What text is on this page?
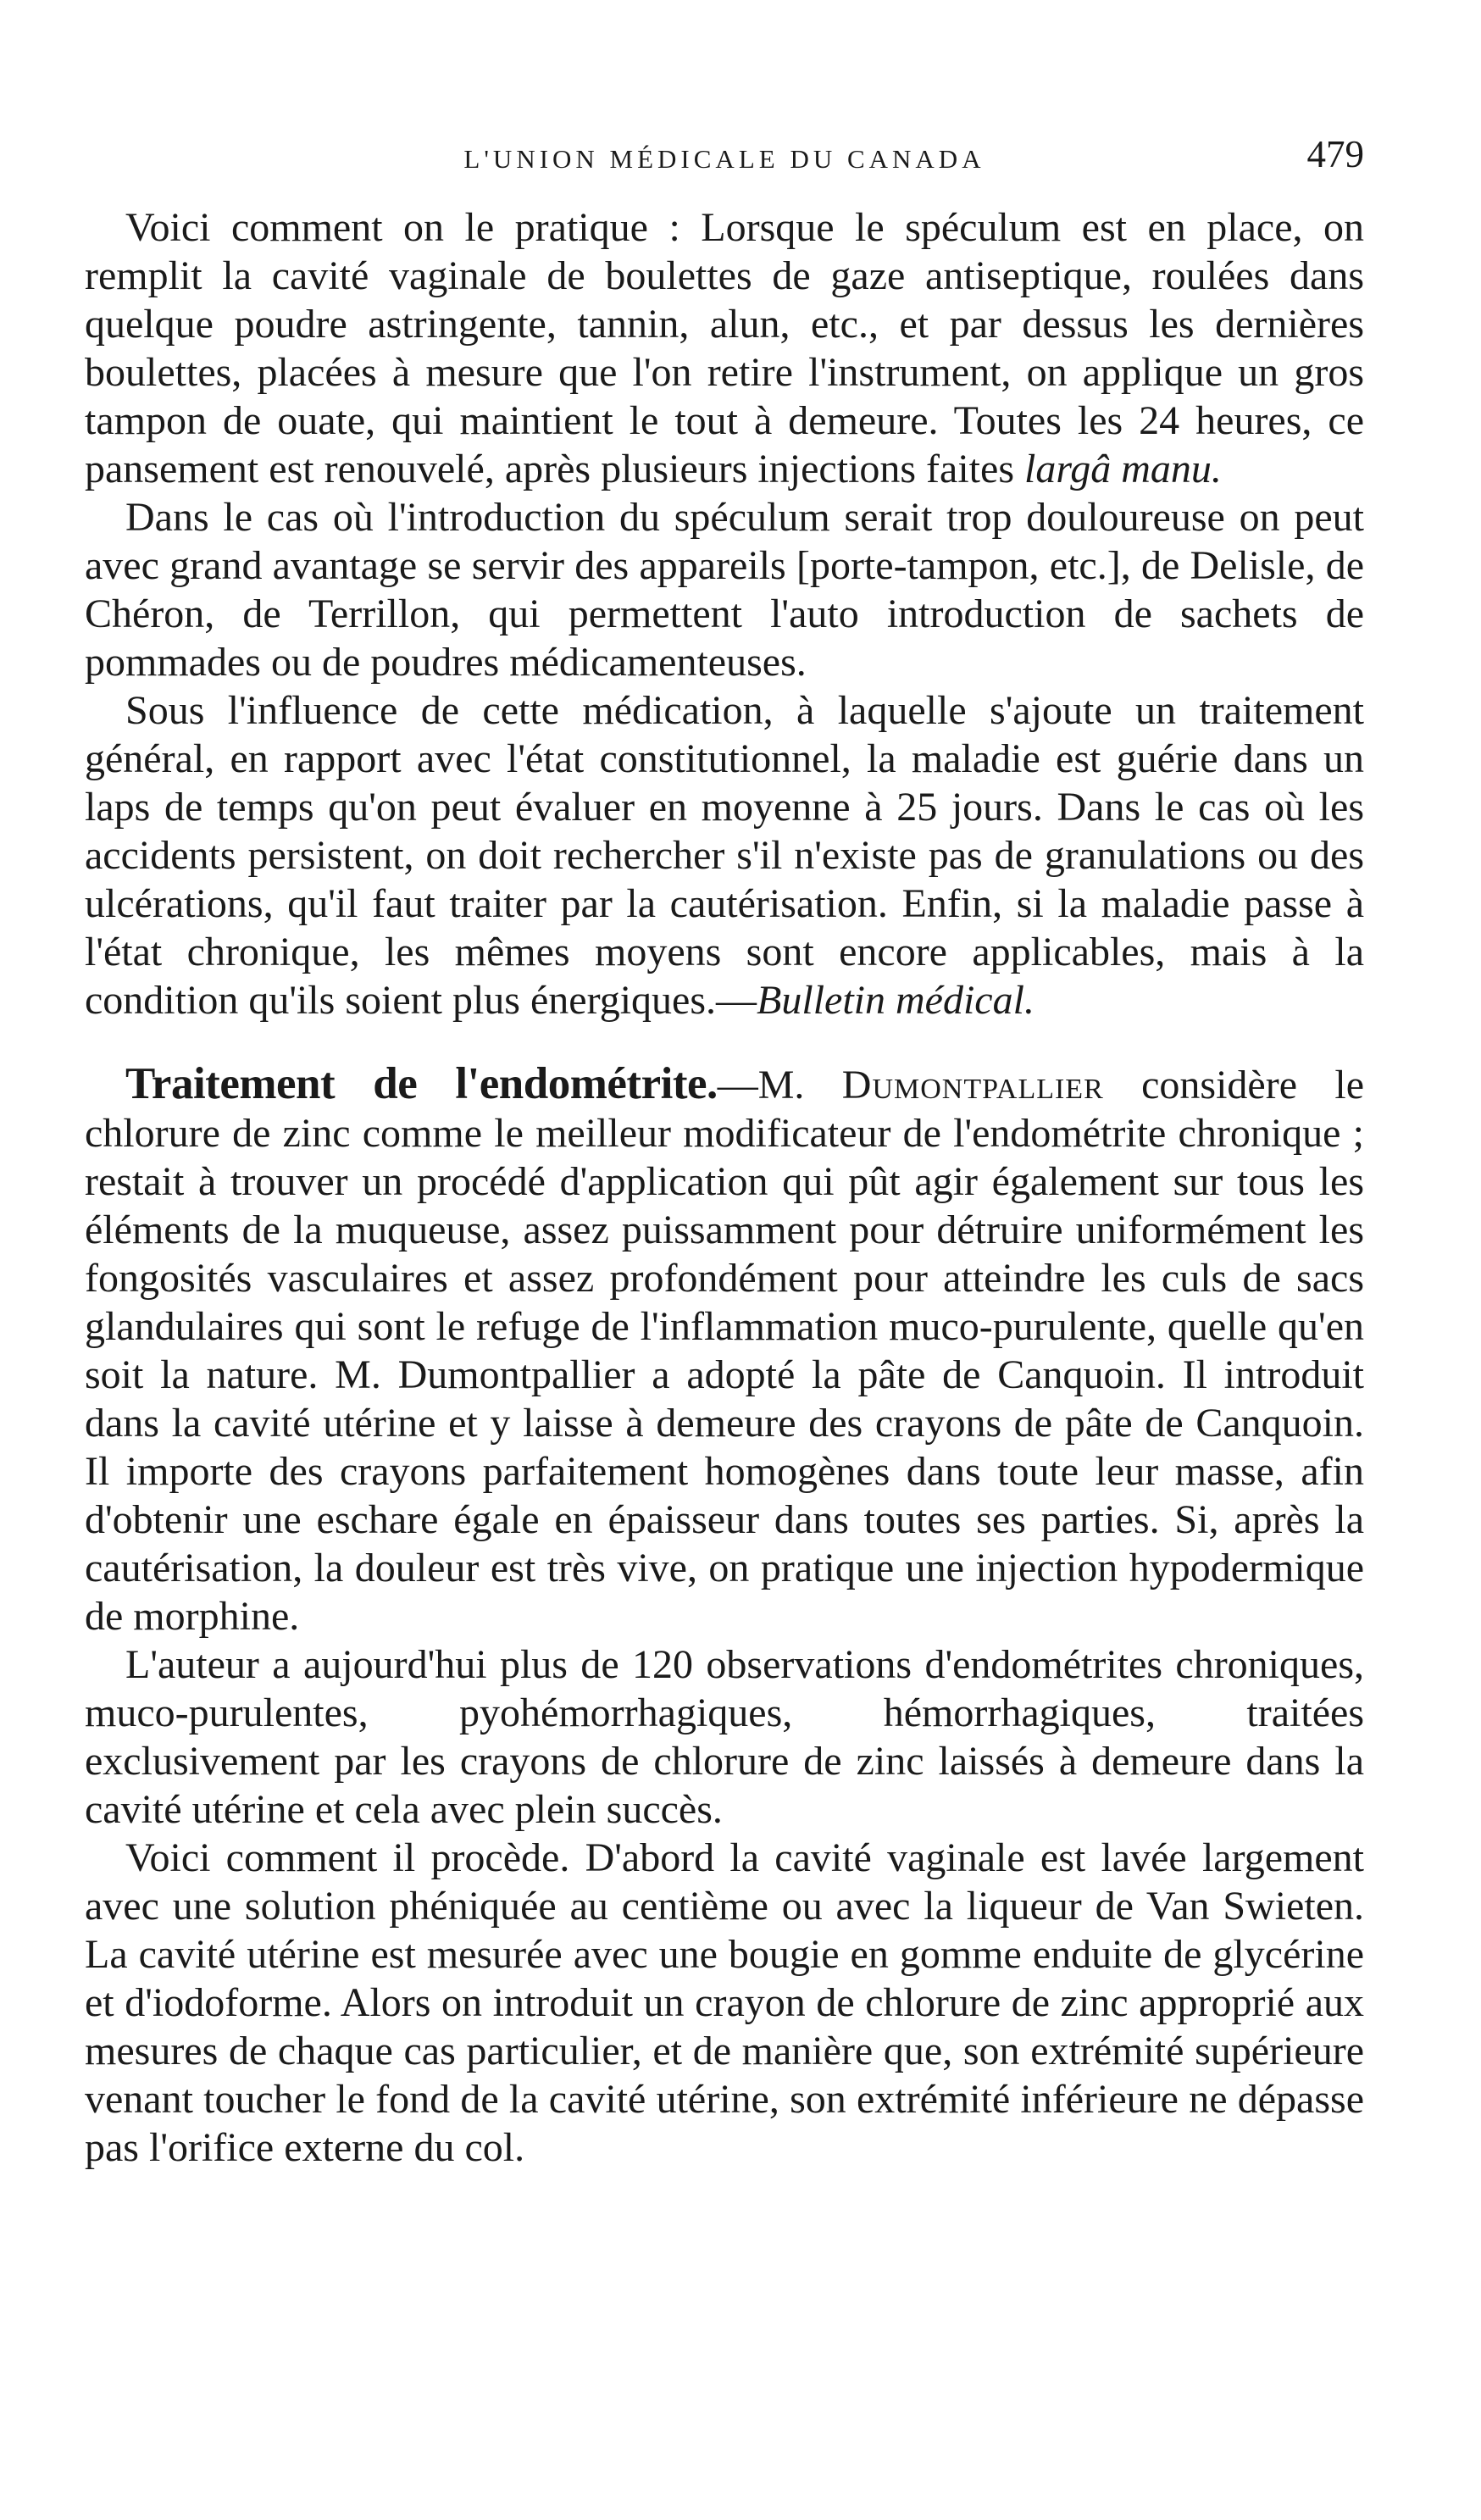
L'UNION MÉDICALE DU CANADA	479

Voici comment on le pratique : Lorsque le spéculum est en place, on remplit la cavité vaginale de boulettes de gaze antiseptique, roulées dans quelque poudre astringente, tannin, alun, etc., et par dessus les dernières boulettes, placées à mesure que l'on retire l'instrument, on applique un gros tampon de ouate, qui maintient le tout à demeure. Toutes les 24 heures, ce pansement est renouvelé, après plusieurs injections faites largâ manu.

Dans le cas où l'introduction du spéculum serait trop douloureuse on peut avec grand avantage se servir des appareils [porte-tampon, etc.], de Delisle, de Chéron, de Terrillon, qui permettent l'auto introduction de sachets de pommades ou de poudres médicamenteuses.

Sous l'influence de cette médication, à laquelle s'ajoute un traitement général, en rapport avec l'état constitutionnel, la maladie est guérie dans un laps de temps qu'on peut évaluer en moyenne à 25 jours. Dans le cas où les accidents persistent, on doit rechercher s'il n'existe pas de granulations ou des ulcérations, qu'il faut traiter par la cautérisation. Enfin, si la maladie passe à l'état chronique, les mêmes moyens sont encore applicables, mais à la condition qu'ils soient plus énergiques.—Bulletin médical.

Traitement de l'endométrite.—M. Dumontpallier considère le chlorure de zinc comme le meilleur modificateur de l'endométrite chronique ; restait à trouver un procédé d'application qui pût agir également sur tous les éléments de la muqueuse, assez puissamment pour détruire uniformément les fongosités vasculaires et assez profondément pour atteindre les culs de sacs glandulaires qui sont le refuge de l'inflammation muco-purulente, quelle qu'en soit la nature. M. Dumontpallier a adopté la pâte de Canquoin. Il introduit dans la cavité utérine et y laisse à demeure des crayons de pâte de Canquoin. Il importe des crayons parfaitement homogènes dans toute leur masse, afin d'obtenir une eschare égale en épaisseur dans toutes ses parties. Si, après la cautérisation, la douleur est très vive, on pratique une injection hypodermique de morphine.

L'auteur a aujourd'hui plus de 120 observations d'endométrites chroniques, muco-purulentes, pyohémorrhagiques, hémorrhagiques, traitées exclusivement par les crayons de chlorure de zinc laissés à demeure dans la cavité utérine et cela avec plein succès.

Voici comment il procède. D'abord la cavité vaginale est lavée largement avec une solution phéniquée au centième ou avec la liqueur de Van Swieten. La cavité utérine est mesurée avec une bougie en gomme enduite de glycérine et d'iodoforme. Alors on introduit un crayon de chlorure de zinc approprié aux mesures de chaque cas particulier, et de manière que, son extrémité supérieure venant toucher le fond de la cavité utérine, son extrémité inférieure ne dépasse pas l'orifice externe du col.
